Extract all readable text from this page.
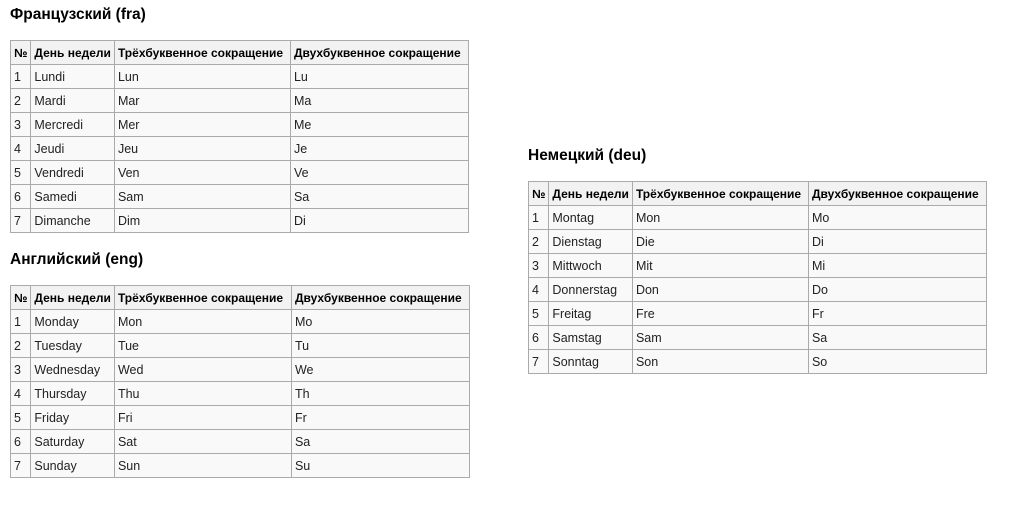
Французский (fra)
№	День недели	Трёхбуквенное сокращение	Двухбуквенное сокращение
1	Lundi	Lun	Lu
2	Mardi	Mar	Ma
3	Mercredi	Mer	Me
4	Jeudi	Jeu	Je
5	Vendredi	Ven	Ve
6	Samedi	Sam	Sa
7	Dimanche	Dim	Di
Английский (eng)
№	День недели	Трёхбуквенное сокращение	Двухбуквенное сокращение
1	Monday	Mon	Mo
2	Tuesday	Tue	Tu
3	Wednesday	Wed	We
4	Thursday	Thu	Th
5	Friday	Fri	Fr
6	Saturday	Sat	Sa
7	Sunday	Sun	Su
Немецкий (deu)
№	День недели	Трёхбуквенное сокращение	Двухбуквенное сокращение
1	Montag	Mon	Mo
2	Dienstag	Die	Di
3	Mittwoch	Mit	Mi
4	Donnerstag	Don	Do
5	Freitag	Fre	Fr
6	Samstag	Sam	Sa
7	Sonntag	Son	So
